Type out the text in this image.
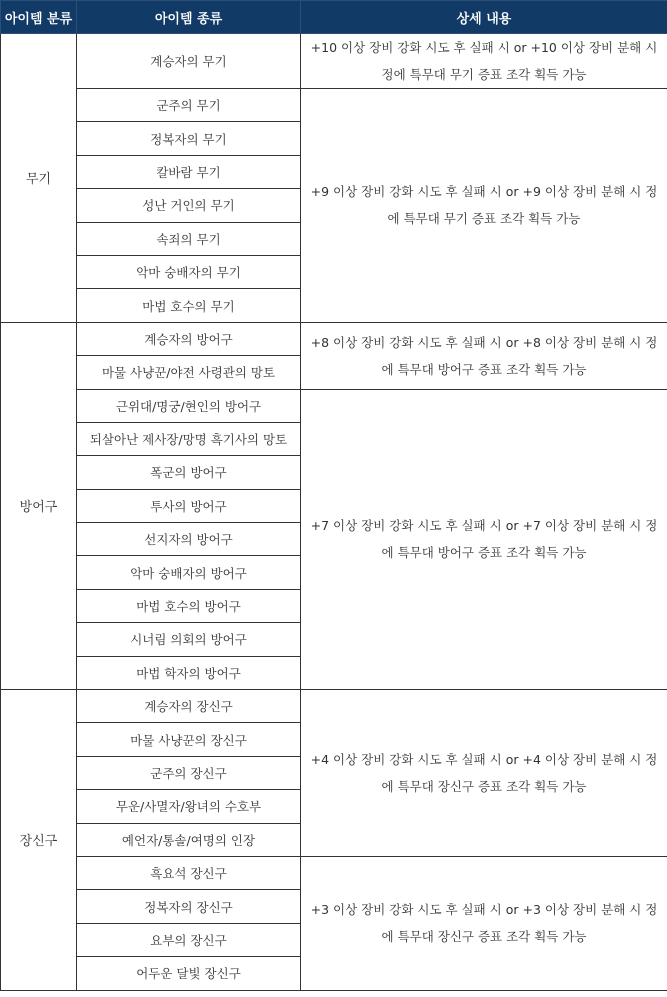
아이템 분류	아이템 종류	상세 내용
무기	계승자의 무기	+10 이상 장비 강화 시도 후 실패 시 or +10 이상 장비 분해 시 정에 특무대 무기 증표 조각 획득 가능
	군주의 무기	+9 이상 장비 강화 시도 후 실패 시 or +9 이상 장비 분해 시 정에 특무대 무기 증표 조각 획득 가능
	정복자의 무기	
	칼바람 무기	
	성난 거인의 무기	
	속죄의 무기	
	악마 숭배자의 무기	
	마법 호수의 무기	
방어구	계승자의 방어구	+8 이상 장비 강화 시도 후 실패 시 or +8 이상 장비 분해 시 정에 특무대 방어구 증표 조각 획득 가능
	마물 사냥꾼/야전 사령관의 망토	
	근위대/명궁/현인의 방어구	+7 이상 장비 강화 시도 후 실패 시 or +7 이상 장비 분해 시 정에 특무대 방어구 증표 조각 획득 가능
	되살아난 제사장/망명 흑기사의 망토	
	폭군의 방어구	
	투사의 방어구	
	선지자의 방어구	
	악마 숭배자의 방어구	
	마법 호수의 방어구	
	시너림 의회의 방어구	
	마법 학자의 방어구	
장신구	계승자의 장신구	+4 이상 장비 강화 시도 후 실패 시 or +4 이상 장비 분해 시 정에 특무대 장신구 증표 조각 획득 가능
	마물 사냥꾼의 장신구	
	군주의 장신구	
	무운/사멸자/왕녀의 수호부	
	예언자/통솔/여명의 인장	
	흑요석 장신구	+3 이상 장비 강화 시도 후 실패 시 or +3 이상 장비 분해 시 정에 특무대 장신구 증표 조각 획득 가능
	정복자의 장신구	
	요부의 장신구	
	어두운 달빛 장신구	
